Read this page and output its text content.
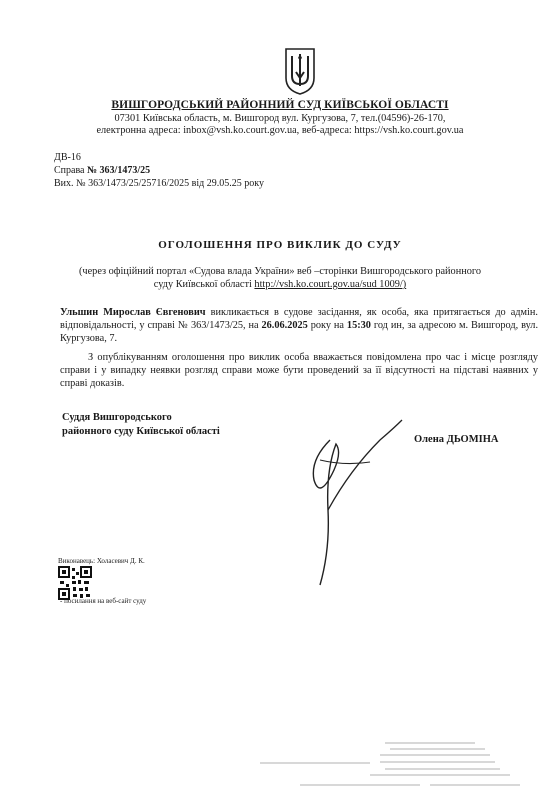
ВИШГОРОДСЬКИЙ РАЙОННИЙ СУД КИЇВСЬКОЇ ОБЛАСТІ
07301 Київська область, м. Вишгород вул. Кургузова, 7, тел.(04596)-26-170,
електронна адреса: inbox@vsh.ko.court.gov.ua, веб-адреса: https://vsh.ko.court.gov.ua
ДВ-16
Справа № 363/1473/25
Вих. № 363/1473/25/25716/2025 від 29.05.25 року
ОГОЛОШЕННЯ ПРО ВИКЛИК ДО СУДУ
(через офіційний портал «Судова влада України» веб –сторінки Вишгородського районного
суду Київської області http://vsh.ko.court.gov.ua/sud 1009/)
Ульшин Мирослав Євгенович викликається в судове засідання, як особа, яка притягається до адмін. відповідальності, у справі № 363/1473/25, на 26.06.2025 року на 15:30 год ин, за адресою м. Вишгород, вул. Кургузова, 7.
З опублікуванням оголошення про виклик особа вважається повідомлена про час і місце розгляду справи і у випадку неявки розгляд справи може бути проведений за її відсутності на підставі наявних у справі доказів.
Суддя Вишгородського
районного суду Київської області
Олена ДЬОМІНА
Виконавець: Холасевич Д. К.
- посилання на веб-сайт суду
